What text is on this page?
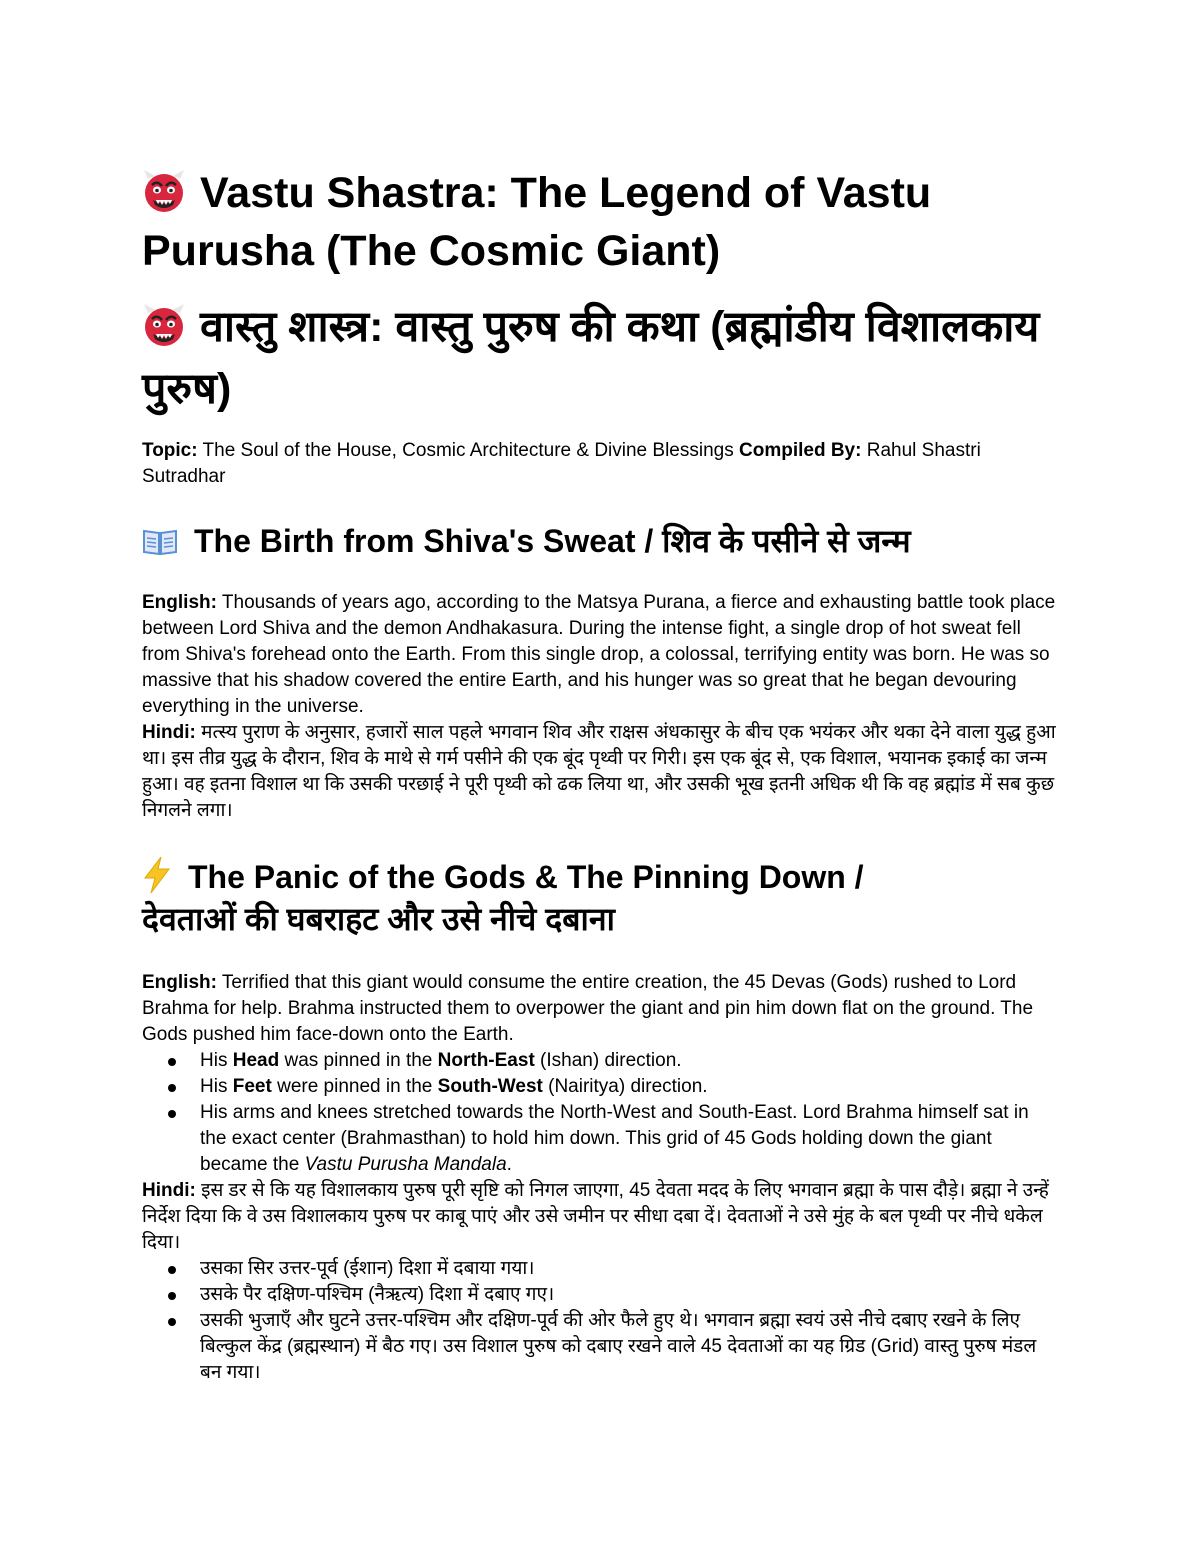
Vastu Shastra: The Legend of Vastu Purusha (The Cosmic Giant)
वास्तु शास्त्र: वास्तु पुरुष की कथा (ब्रह्मांडीय विशालकाय पुरुष)

Topic: The Soul of the House, Cosmic Architecture & Divine Blessings Compiled By: Rahul Shastri Sutradhar

The Birth from Shiva's Sweat / शिव के पसीने से जन्म

English: Thousands of years ago, according to the Matsya Purana, a fierce and exhausting battle took place between Lord Shiva and the demon Andhakasura. During the intense fight, a single drop of hot sweat fell from Shiva's forehead onto the Earth. From this single drop, a colossal, terrifying entity was born. He was so massive that his shadow covered the entire Earth, and his hunger was so great that he began devouring everything in the universe.

Hindi: मत्स्य पुराण के अनुसार, हजारों साल पहले भगवान शिव और राक्षस अंधकासुर के बीच एक भयंकर और थका देने वाला युद्ध हुआ था। इस तीव्र युद्ध के दौरान, शिव के माथे से गर्म पसीने की एक बूंद पृथ्वी पर गिरी। इस एक बूंद से, एक विशाल, भयानक इकाई का जन्म हुआ। वह इतना विशाल था कि उसकी परछाई ने पूरी पृथ्वी को ढक लिया था, और उसकी भूख इतनी अधिक थी कि वह ब्रह्मांड में सब कुछ निगलने लगा।

The Panic of the Gods & The Pinning Down /
देवताओं की घबराहट और उसे नीचे दबाना

English: Terrified that this giant would consume the entire creation, the 45 Devas (Gods) rushed to Lord Brahma for help. Brahma instructed them to overpower the giant and pin him down flat on the ground. The Gods pushed him face-down onto the Earth.

His Head was pinned in the North-East (Ishan) direction.
His Feet were pinned in the South-West (Nairitya) direction.
His arms and knees stretched towards the North-West and South-East. Lord Brahma himself sat in the exact center (Brahmasthan) to hold him down. This grid of 45 Gods holding down the giant became the Vastu Purusha Mandala.

Hindi: इस डर से कि यह विशालकाय पुरुष पूरी सृष्टि को निगल जाएगा, 45 देवता मदद के लिए भगवान ब्रह्मा के पास दौड़े। ब्रह्मा ने उन्हें निर्देश दिया कि वे उस विशालकाय पुरुष पर काबू पाएं और उसे जमीन पर सीधा दबा दें। देवताओं ने उसे मुंह के बल पृथ्वी पर नीचे धकेल दिया।

उसका सिर उत्तर-पूर्व (ईशान) दिशा में दबाया गया।
उसके पैर दक्षिण-पश्चिम (नैऋत्य) दिशा में दबाए गए।
उसकी भुजाएँ और घुटने उत्तर-पश्चिम और दक्षिण-पूर्व की ओर फैले हुए थे। भगवान ब्रह्मा स्वयं उसे नीचे दबाए रखने के लिए बिल्कुल केंद्र (ब्रह्मस्थान) में बैठ गए। उस विशाल पुरुष को दबाए रखने वाले 45 देवताओं का यह ग्रिड (Grid) वास्तु पुरुष मंडल बन गया।
